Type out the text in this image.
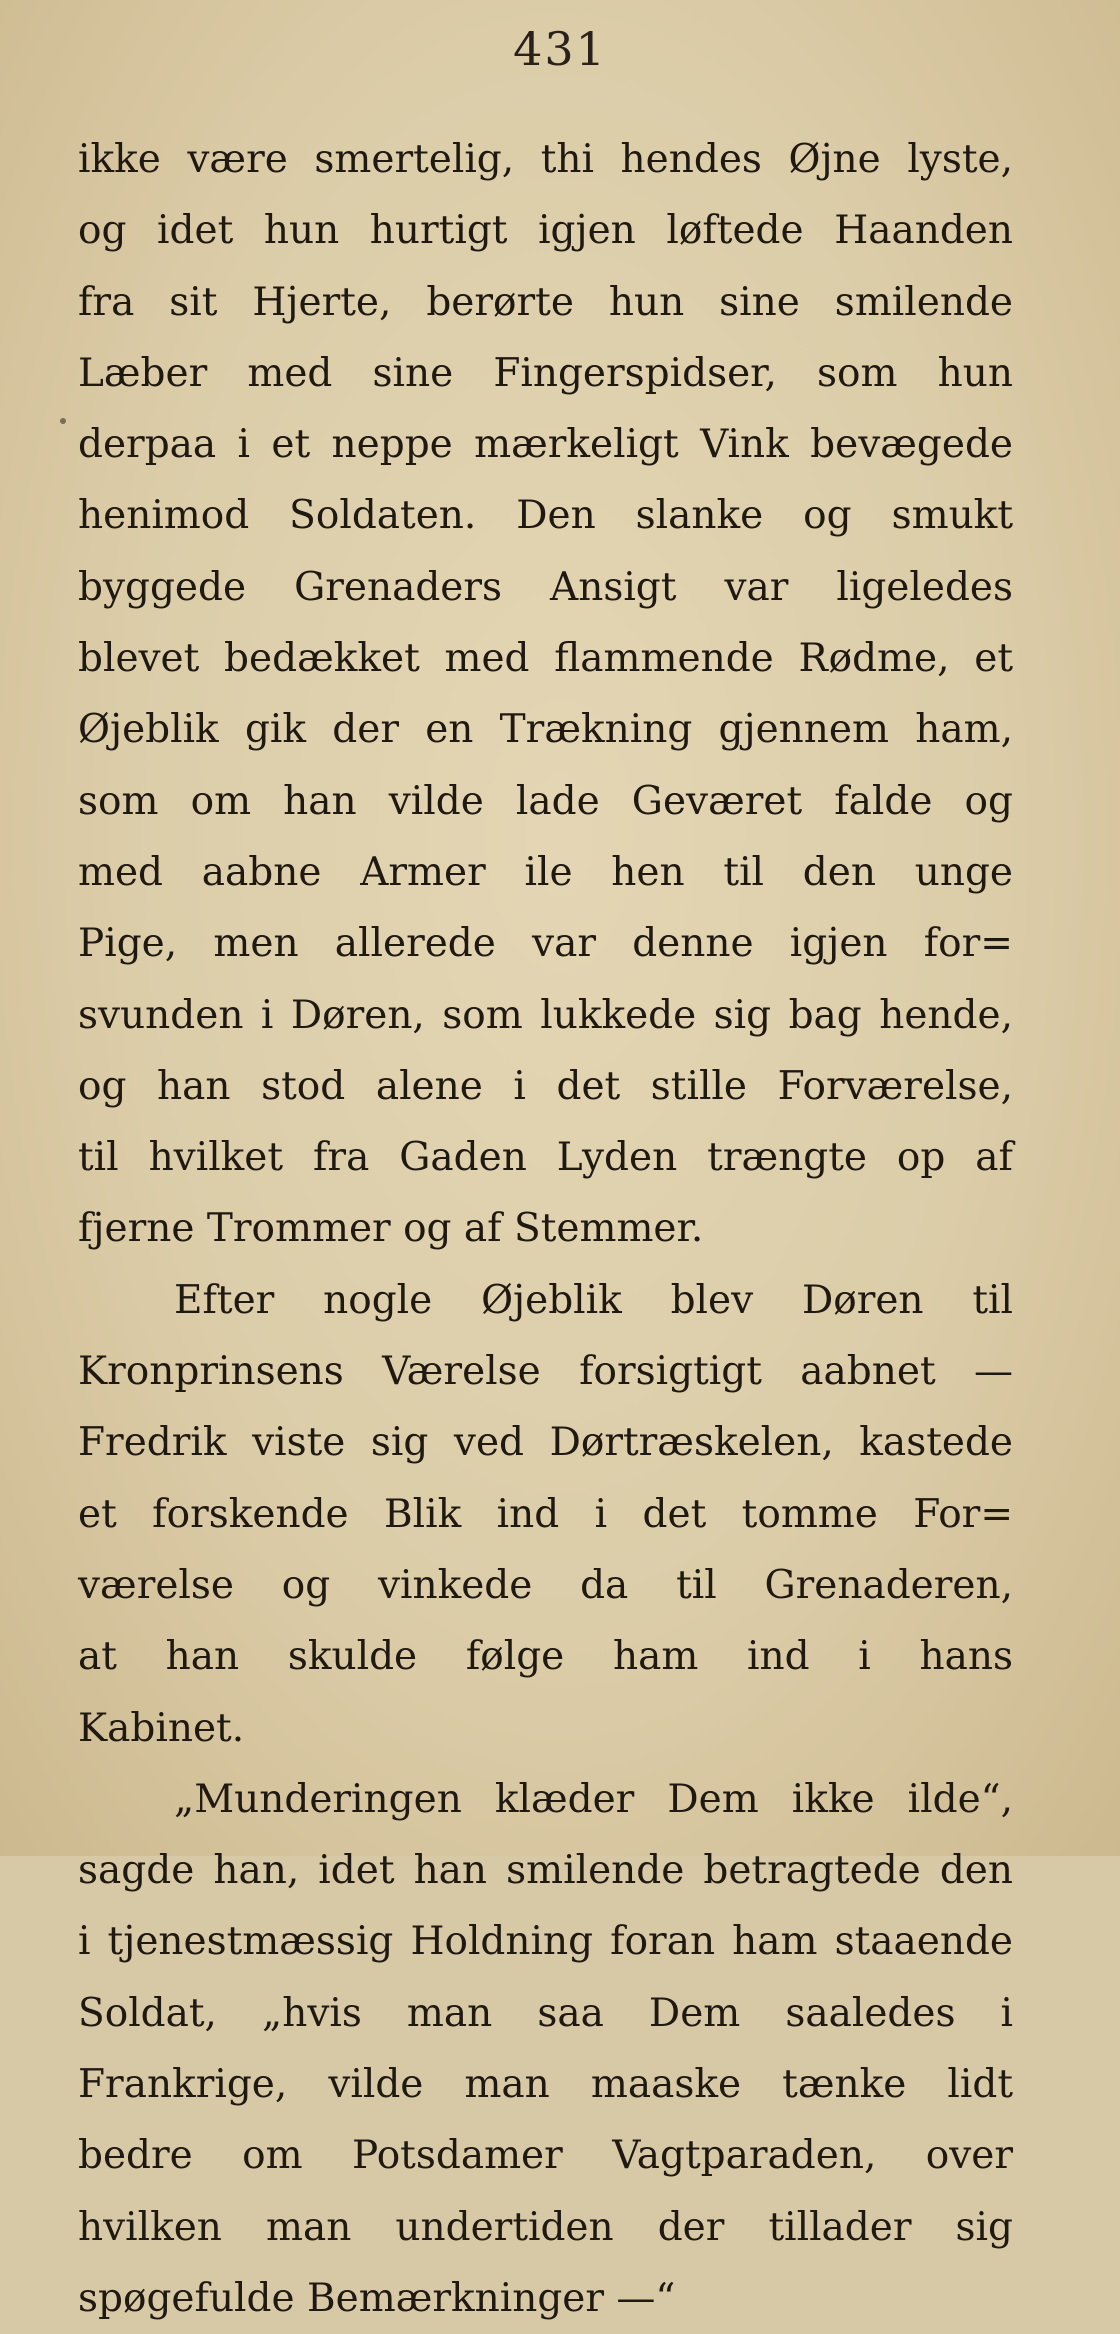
431
ikke være smertelig, thi hendes Øjne lyste,
og idet hun hurtigt igjen løftede Haanden
fra sit Hjerte, berørte hun sine smilende
Læber med sine Fingerspidser, som hun
derpaa i et neppe mærkeligt Vink bevægede
henimod Soldaten. Den slanke og smukt
byggede Grenaders Ansigt var ligeledes
blevet bedækket med flammende Rødme, et
Øjeblik gik der en Trækning gjennem ham,
som om han vilde lade Geværet falde og
med aabne Armer ile hen til den unge
Pige, men allerede var denne igjen for=
svunden i Døren, som lukkede sig bag hende,
og han stod alene i det stille Forværelse,
til hvilket fra Gaden Lyden trængte op af
fjerne Trommer og af Stemmer.
Efter nogle Øjeblik blev Døren til
Kronprinsens Værelse forsigtigt aabnet —
Fredrik viste sig ved Dørtræskelen, kastede
et forskende Blik ind i det tomme For=
værelse og vinkede da til Grenaderen,
at han skulde følge ham ind i hans
Kabinet.
„Munderingen klæder Dem ikke ilde“,
sagde han, idet han smilende betragtede den
i tjenestmæssig Holdning foran ham staaende
Soldat, „hvis man saa Dem saaledes i
Frankrige, vilde man maaske tænke lidt
bedre om Potsdamer Vagtparaden, over
hvilken man undertiden der tillader sig
spøgefulde Bemærkninger —“
